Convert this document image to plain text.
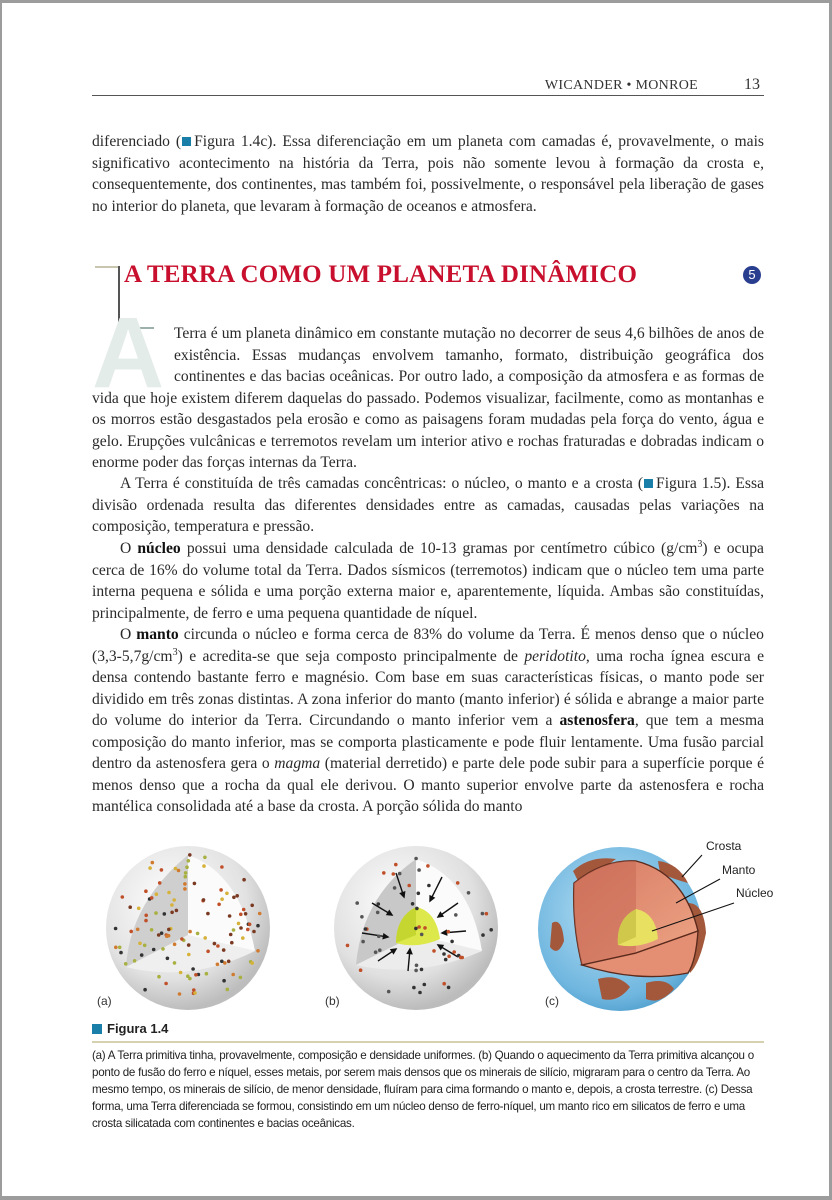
WICANDER • MONROE	13

diferenciado ( Figura 1.4c). Essa diferenciação em um planeta com camadas é, provavelmente, o mais significativo acontecimento na história da Terra, pois não somente levou à formação da crosta e, consequentemente, dos continentes, mas também foi, possivelmente, o responsável pela liberação de gases no interior do planeta, que levaram à formação de oceanos e atmosfera.

A
A TERRA COMO UM PLANETA DINÂMICO	5

Terra é um planeta dinâmico em constante mutação no decorrer de seus 4,6 bilhões de anos de existência. Essas mudanças envolvem tamanho, formato, distribuição geográfica dos continentes e das bacias oceânicas. Por outro lado, a composição da atmosfera e as formas de vida que hoje existem diferem daquelas do passado. Podemos visualizar, facilmente, como as montanhas e os morros estão desgastados pela erosão e como as paisagens foram mudadas pela força do vento, água e gelo. Erupções vulcânicas e terremotos revelam um interior ativo e rochas fraturadas e dobradas indicam o enorme poder das forças internas da Terra.

A Terra é constituída de três camadas concêntricas: o núcleo, o manto e a crosta ( Figura 1.5). Essa divisão ordenada resulta das diferentes densidades entre as camadas, causadas pelas variações na composição, temperatura e pressão.

O núcleo possui uma densidade calculada de 10-13 gramas por centímetro cúbico $(g/cm^3)$ e ocupa cerca de 16% do volume total da Terra. Dados sísmicos (terremotos) indicam que o núcleo tem uma parte interna pequena e sólida e uma porção externa maior e, aparentemente, líquida. Ambas são constituídas, principalmente, de ferro e uma pequena quantidade de níquel.

O manto circunda o núcleo e forma cerca de 83% do volume da Terra. É menos denso que o núcleo $(3,3-5,7g/cm^3)$ e acredita-se que seja composto principalmente de peridotito, uma rocha ígnea escura e densa contendo bastante ferro e magnésio. Com base em suas características físicas, o manto pode ser dividido em três zonas distintas. A zona inferior do manto (manto inferior) é sólida e abrange a maior parte do volume do interior da Terra. Circundando o manto inferior vem a astenosfera, que tem a mesma composição do manto inferior, mas se comporta plasticamente e pode fluir lentamente. Uma fusão parcial dentro da astenosfera gera o magma (material derretido) e parte dele pode subir para a superfície porque é menos denso que a rocha da qual ele derivou. O manto superior envolve parte da astenosfera e rocha mantélica consolidada até a base da crosta. A porção sólida do manto

(a)	(b)
Crosta
Manto
Núcleo
(c)
Figura 1.4

(a) A Terra primitiva tinha, provavelmente, composição e densidade uniformes. (b) Quando o aquecimento da Terra primitiva alcançou o ponto de fusão do ferro e níquel, esses metais, por serem mais densos que os minerais de silício, migraram para o centro da Terra. Ao mesmo tempo, os minerais de silício, de menor densidade, fluíram para cima formando o manto e, depois, a crosta terrestre. (c) Dessa forma, uma Terra diferenciada se formou, consistindo em um núcleo denso de ferro-níquel, um manto rico em silicatos de ferro e uma crosta silicatada com continentes e bacias oceânicas.
